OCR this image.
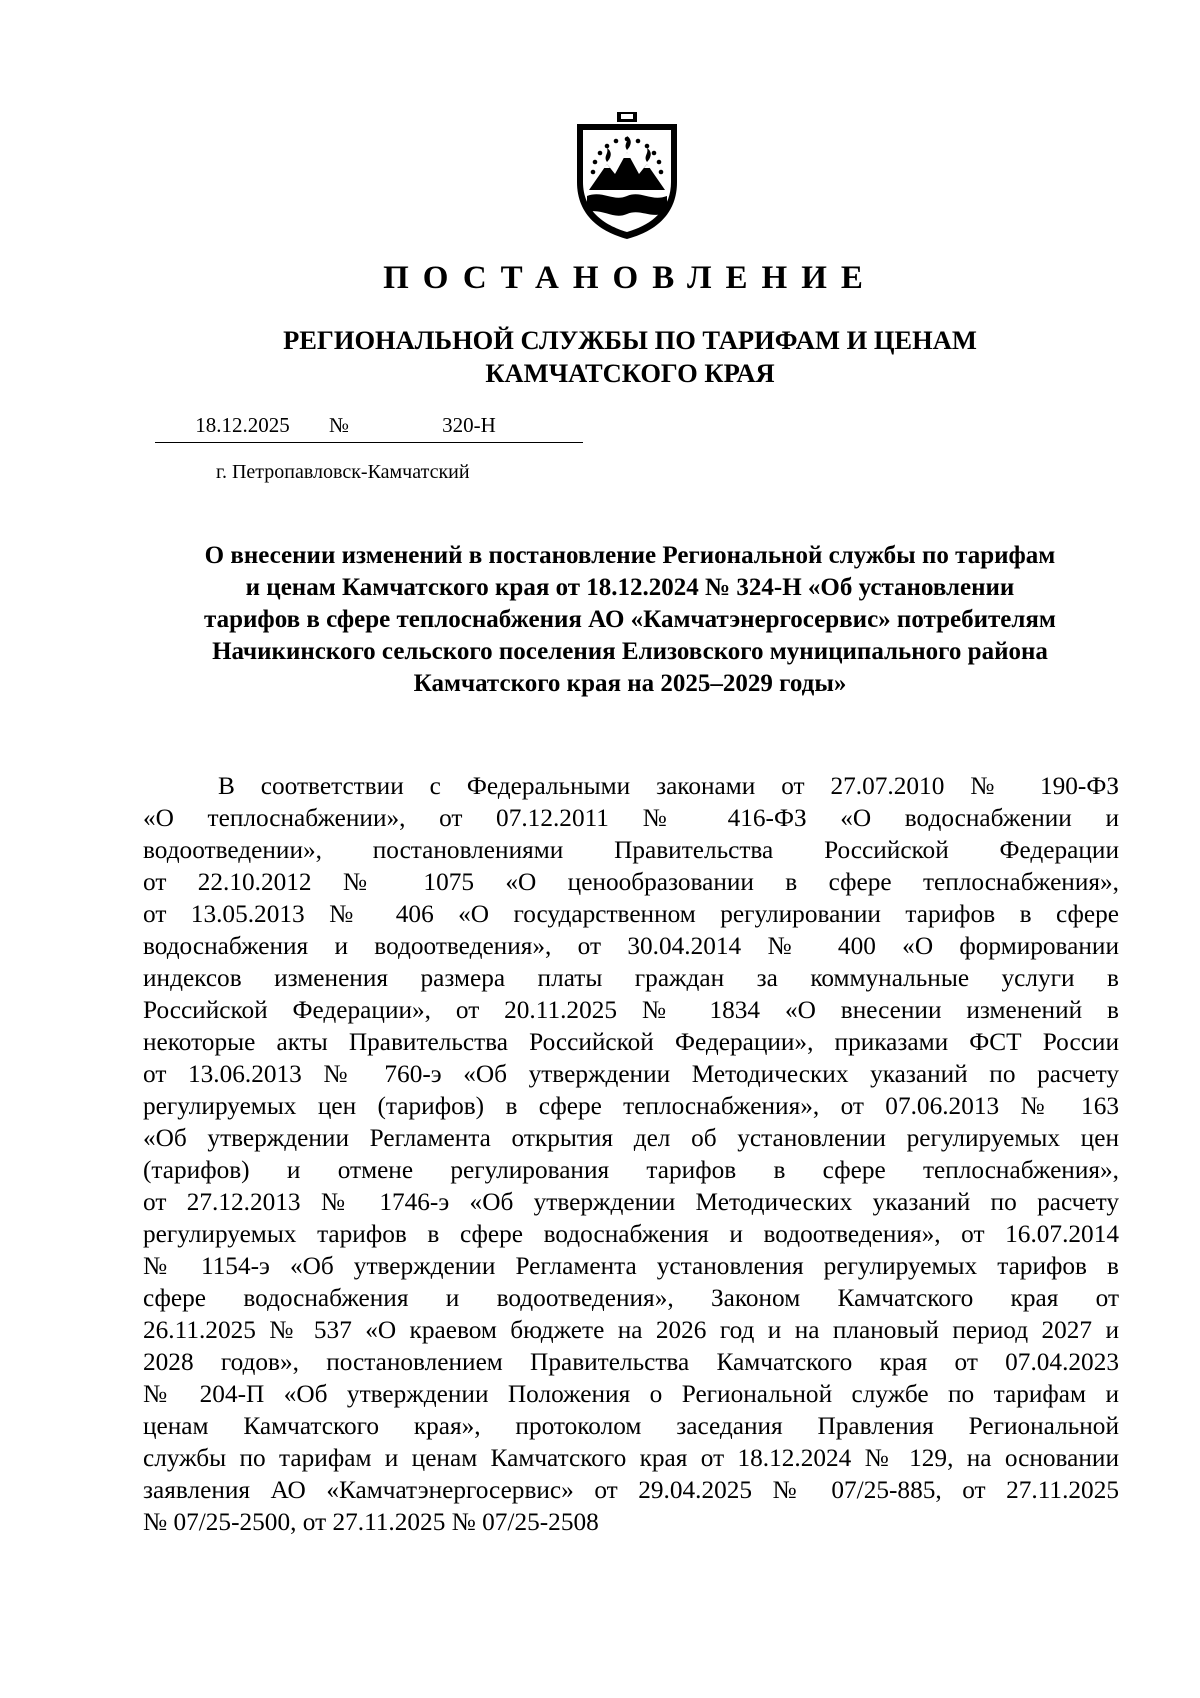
ПОСТАНОВЛЕНИЕ
РЕГИОНАЛЬНОЙ СЛУЖБЫ ПО ТАРИФАМ И ЦЕНАМ
КАМЧАТСКОГО КРАЯ
18.12.2025	№	320-Н
г. Петропавловск-Камчатский
О внесении изменений в постановление Региональной службы по тарифам
и ценам Камчатского края от 18.12.2024 № 324-Н «Об установлении
тарифов в сфере теплоснабжения АО «Камчатэнергосервис» потребителям
Начикинского сельского поселения Елизовского муниципального района
Камчатского края на 2025–2029 годы»
В соответствии с Федеральными законами от 27.07.2010 № 190-ФЗ
«О теплоснабжении», от 07.12.2011 № 416-ФЗ «О водоснабжении и
водоотведении», постановлениями Правительства Российской Федерации
от 22.10.2012 № 1075 «О ценообразовании в сфере теплоснабжения»,
от 13.05.2013 № 406 «О государственном регулировании тарифов в сфере
водоснабжения и водоотведения», от 30.04.2014 № 400 «О формировании
индексов изменения размера платы граждан за коммунальные услуги в
Российской Федерации», от 20.11.2025 № 1834 «О внесении изменений в
некоторые акты Правительства Российской Федерации», приказами ФСТ России
от 13.06.2013 № 760-э «Об утверждении Методических указаний по расчету
регулируемых цен (тарифов) в сфере теплоснабжения», от 07.06.2013 № 163
«Об утверждении Регламента открытия дел об установлении регулируемых цен
(тарифов) и отмене регулирования тарифов в сфере теплоснабжения»,
от 27.12.2013 № 1746-э «Об утверждении Методических указаний по расчету
регулируемых тарифов в сфере водоснабжения и водоотведения», от 16.07.2014
№ 1154-э «Об утверждении Регламента установления регулируемых тарифов в
сфере водоснабжения и водоотведения», Законом Камчатского края от
26.11.2025 № 537 «О краевом бюджете на 2026 год и на плановый период 2027 и
2028 годов», постановлением Правительства Камчатского края от 07.04.2023
№ 204-П «Об утверждении Положения о Региональной службе по тарифам и
ценам Камчатского края», протоколом заседания Правления Региональной
службы по тарифам и ценам Камчатского края от 18.12.2024 № 129, на основании
заявления АО «Камчатэнергосервис» от 29.04.2025 № 07/25-885, от 27.11.2025
№ 07/25-2500, от 27.11.2025 № 07/25-2508
